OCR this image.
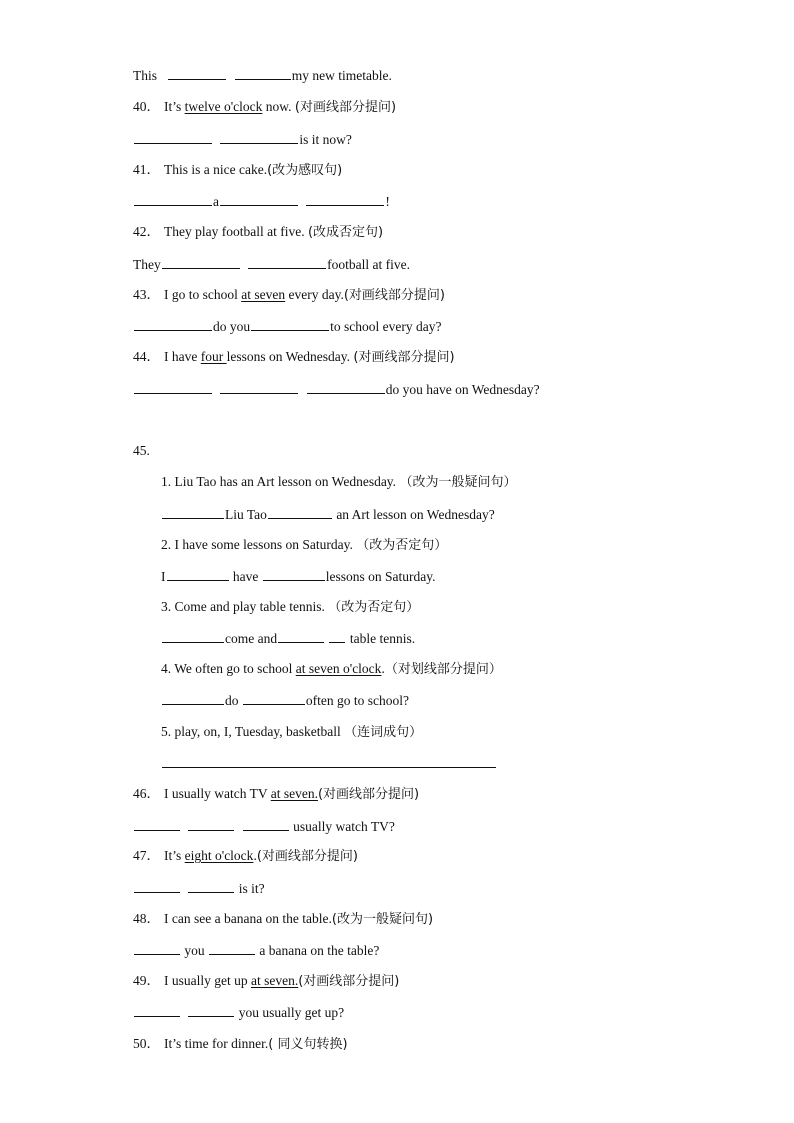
This	my new timetable.
40． It’s twelve o'clock now. (对画线部分提问)
is it now?
41． This is a nice cake.(改为感叹句)
a	!
42． They play football at five. (改成否定句)
They	football at five.
43． I go to school at seven every day.(对画线部分提问)
do you	to school every day?
44． I have four lessons on Wednesday. (对画线部分提问)
do you have on Wednesday?
45.
1. Liu Tao has an Art lesson on Wednesday. （改为一般疑问句）
Liu Tao	an Art lesson on Wednesday?
2. I have some lessons on Saturday. （改为否定句）
I	have	lessons on Saturday.
3. Come and play table tennis. （改为否定句）
come and	table tennis.
4. We often go to school at seven o'clock.（对划线部分提问）
do	often go to school?
5. play, on, I, Tuesday, basketball （连词成句）
46． I usually watch TV at seven.(对画线部分提问)
usually watch TV?
47． It’s eight o'clock.(对画线部分提问)
is it?
48． I can see a banana on the table.(改为一般疑问句)
you	a banana on the table?
49． I usually get up at seven.(对画线部分提问)
you usually get up?
50． It’s time for dinner.( 同义句转换)
